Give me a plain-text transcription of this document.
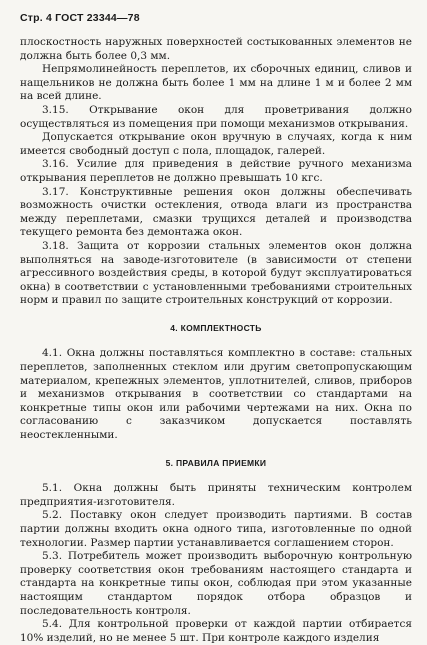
Стр. 4 ГОСТ 23344—78

плоскостность наружных поверхностей состыкованных элементов не должна быть более 0,3 мм.

Непрямолинейность переплетов, их сборочных единиц, сливов и нащельников не должна быть более 1 мм на длине 1 м и более 2 мм на всей длине.

3.15. Открывание окон для проветривания должно осуществляться из помещения при помощи механизмов открывания.

Допускается открывание окон вручную в случаях, когда к ним имеется свободный доступ с пола, площадок, галерей.

3.16. Усилие для приведения в действие ручного механизма открывания переплетов не должно превышать 10 кгс.

3.17. Конструктивные решения окон должны обеспечивать возможность очистки остекления, отвода влаги из пространства между переплетами, смазки трущихся деталей и производства текущего ремонта без демонтажа окон.

3.18. Защита от коррозии стальных элементов окон должна выполняться на заводе-изготовителе (в зависимости от степени агрессивного воздействия среды, в которой будут эксплуатироваться окна) в соответствии с установленными требованиями строительных норм и правил по защите строительных конструкций от коррозии.

4. КОМПЛЕКТНОСТЬ

4.1. Окна должны поставляться комплектно в составе: стальных переплетов, заполненных стеклом или другим светопропускающим материалом, крепежных элементов, уплотнителей, сливов, приборов и механизмов открывания в соответствии со стандартами на конкретные типы окон или рабочими чертежами на них. Окна по согласованию с заказчиком допускается поставлять неостекленными.

5. ПРАВИЛА ПРИЕМКИ

5.1. Окна должны быть приняты техническим контролем предприятия-изготовителя.

5.2. Поставку окон следует производить партиями. В состав партии должны входить окна одного типа, изготовленные по одной технологии. Размер партии устанавливается соглашением сторон.

5.3. Потребитель может производить выборочную контрольную проверку соответствия окон требованиям настоящего стандарта и стандарта на конкретные типы окон, соблюдая при этом указанные настоящим стандартом порядок отбора образцов и последовательность контроля.

5.4. Для контрольной проверки от каждой партии отбирается 10% изделий, но не менее 5 шт. При контроле каждого изделия
